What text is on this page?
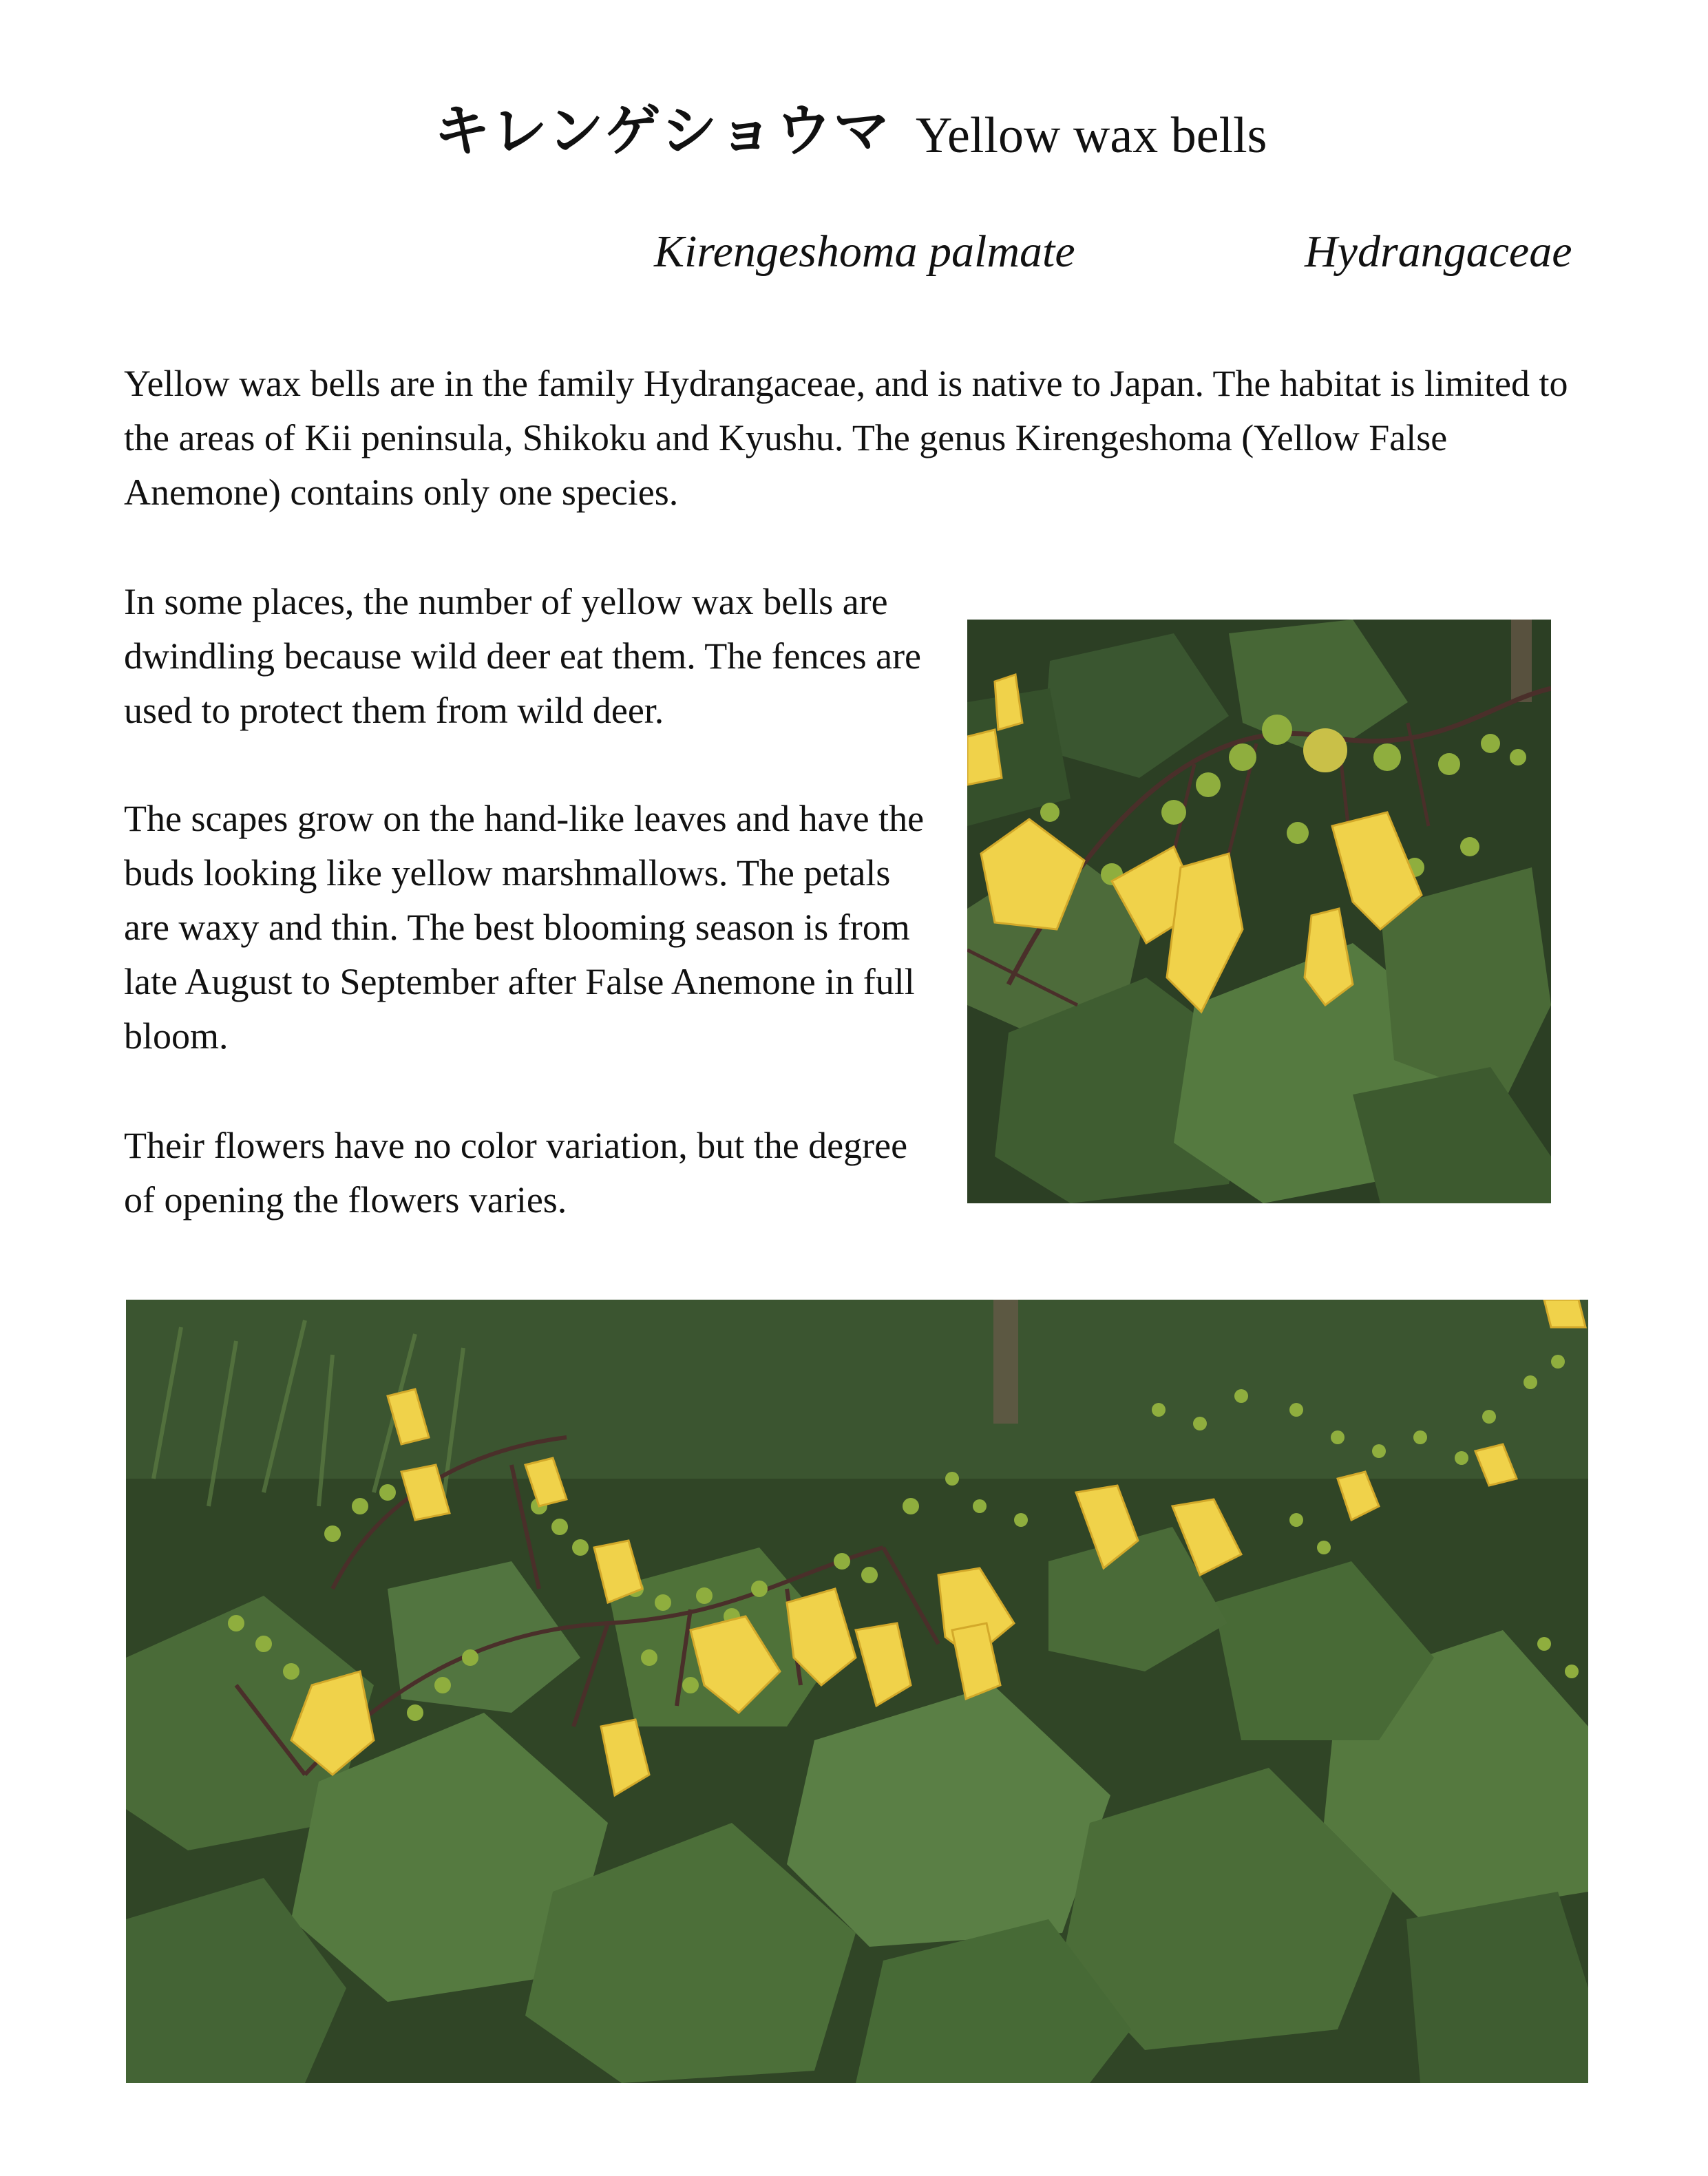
キレンゲショウマ Yellow wax bells
Kirengeshoma palmate	Hydrangaceae

Yellow wax bells are in the family Hydrangaceae, and is native to Japan. The habitat is limited to the areas of Kii peninsula, Shikoku and Kyushu. The genus Kirengeshoma (Yellow False Anemone) contains only one species.

In some places, the number of yellow wax bells are dwindling because wild deer eat them. The fences are used to protect them from wild deer.

The scapes grow on the hand-like leaves and have the buds looking like yellow marshmallows. The petals are waxy and thin. The best blooming season is from late August to September after False Anemone in full bloom.

Their flowers have no color variation, but the degree of opening the flowers varies.
